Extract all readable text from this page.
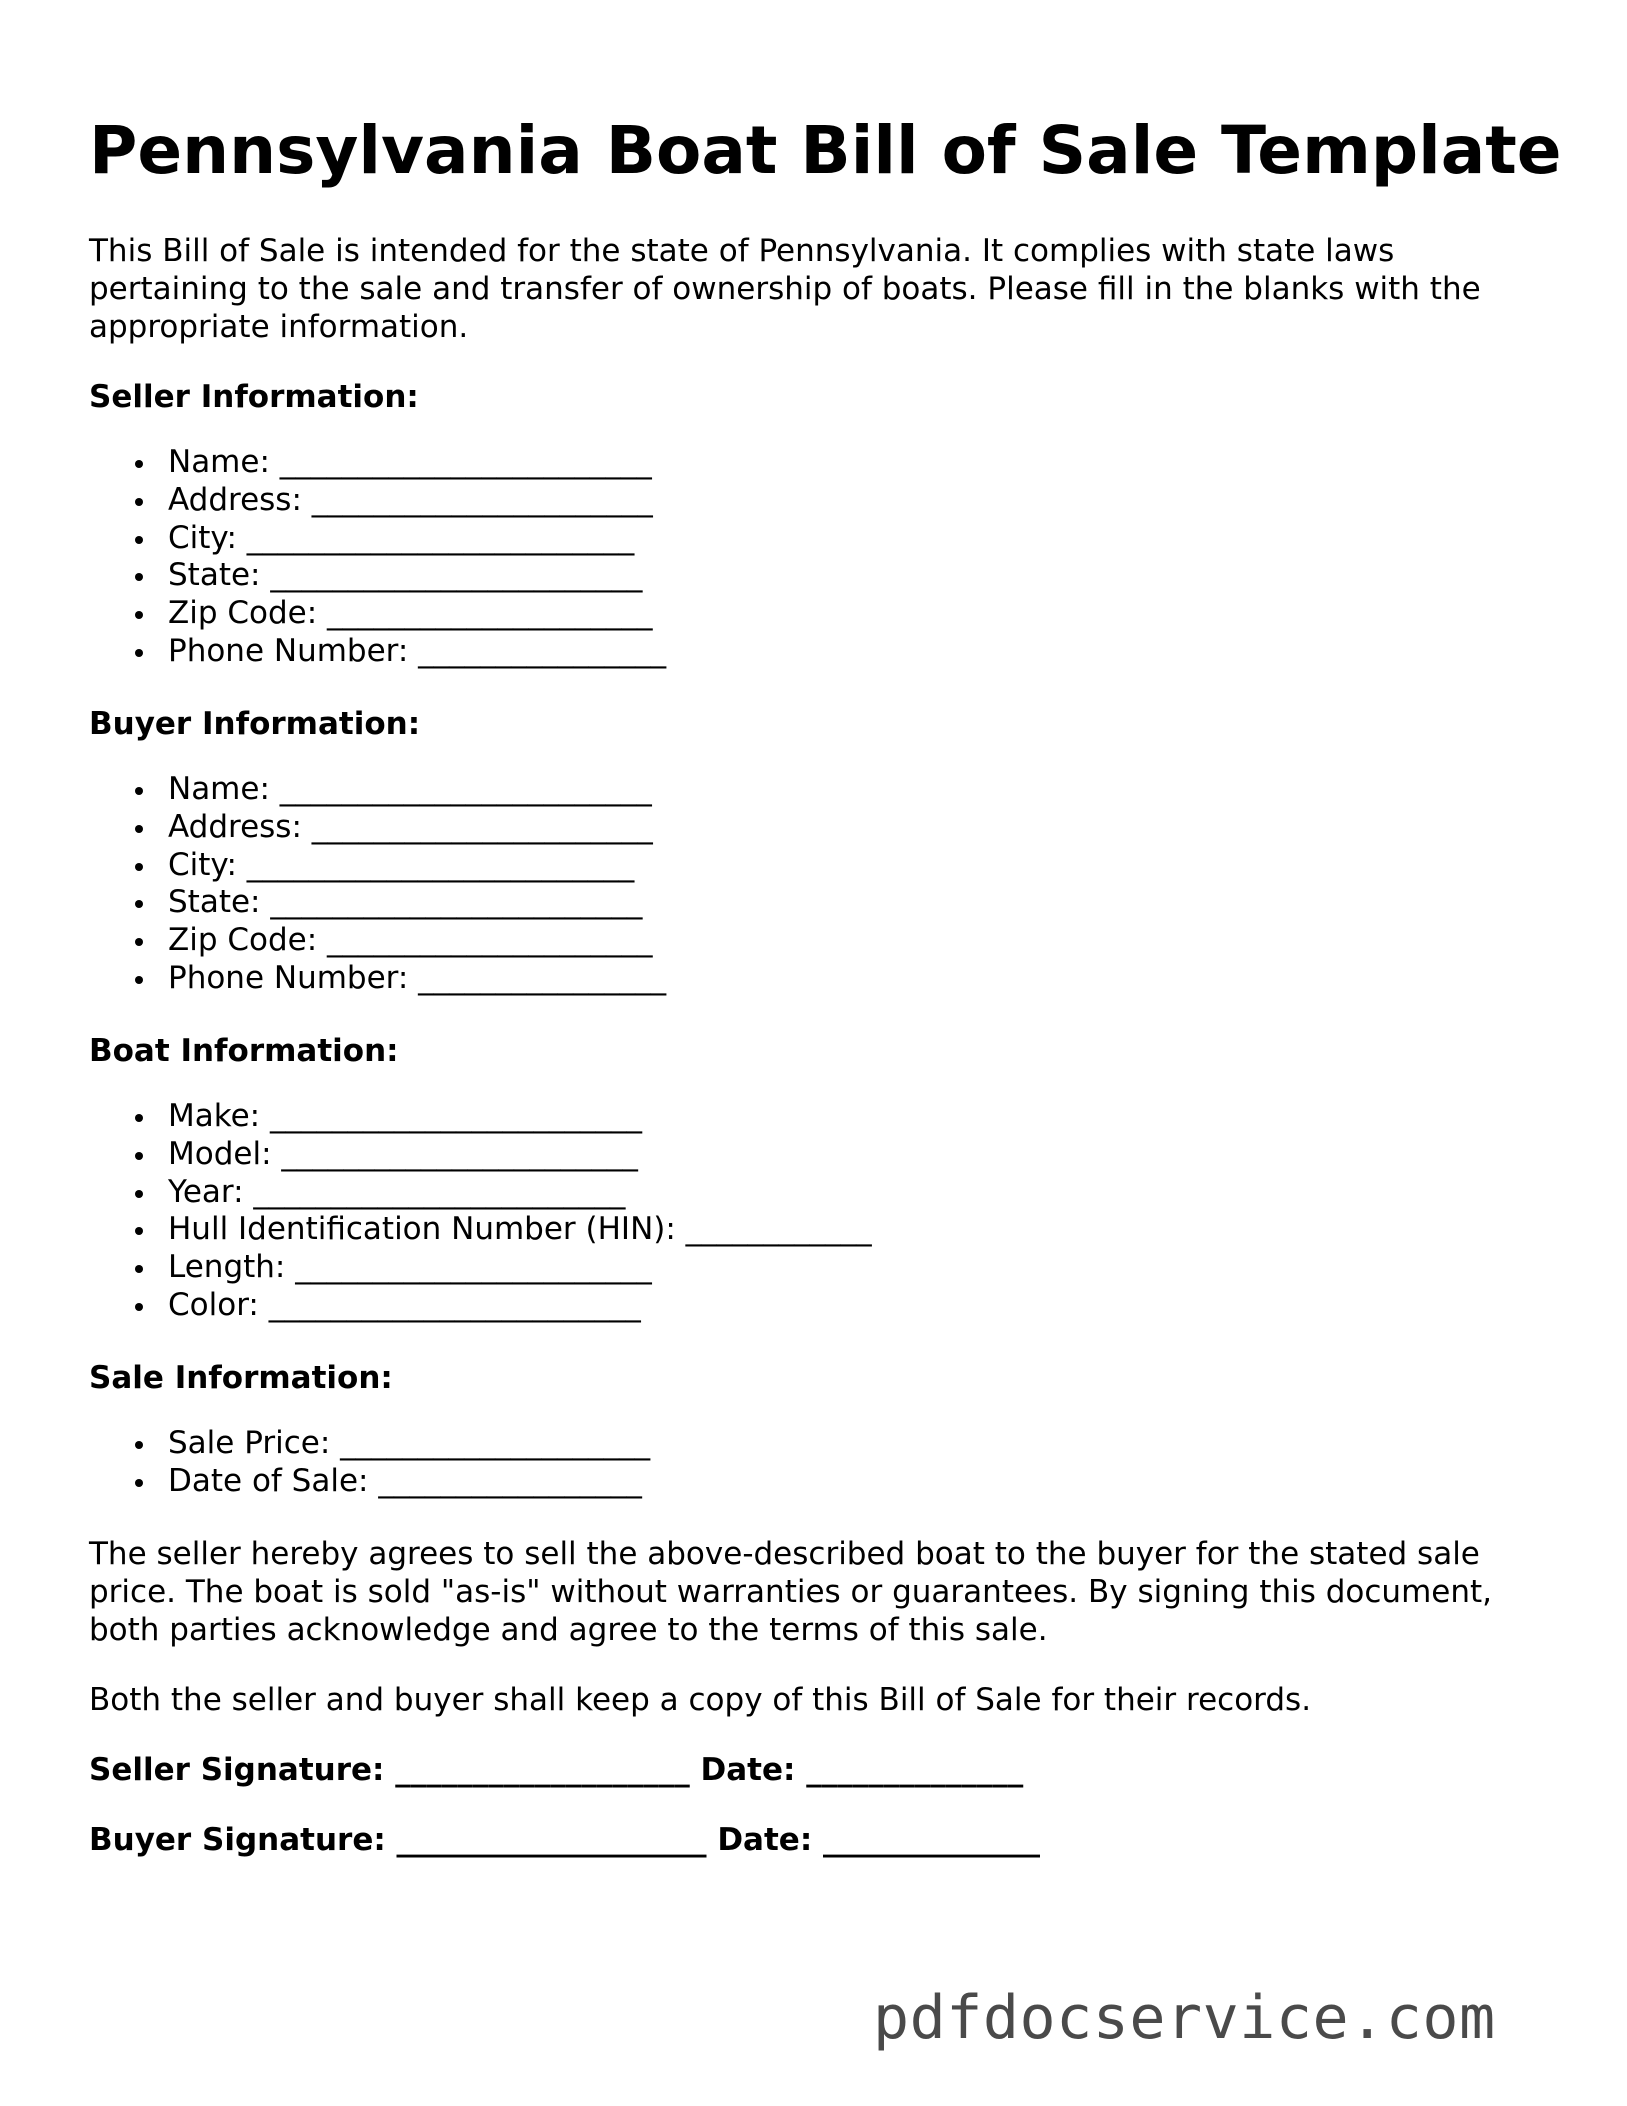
Pennsylvania Boat Bill of Sale Template

This Bill of Sale is intended for the state of Pennsylvania. It complies with state laws pertaining to the sale and transfer of ownership of boats. Please fill in the blanks with the appropriate information.

Seller Information:

Name: ________________________
Address: ______________________
City: _________________________
State: ________________________
Zip Code: _____________________
Phone Number: ________________

Buyer Information:

Name: ________________________
Address: ______________________
City: _________________________
State: ________________________
Zip Code: _____________________
Phone Number: ________________

Boat Information:

Make: ________________________
Model: _______________________
Year: ________________________
Hull Identification Number (HIN): ____________
Length: _______________________
Color: ________________________

Sale Information:

Sale Price: ____________________
Date of Sale: _________________

The seller hereby agrees to sell the above-described boat to the buyer for the stated sale price. The boat is sold "as-is" without warranties or guarantees. By signing this document, both parties acknowledge and agree to the terms of this sale.

Both the seller and buyer shall keep a copy of this Bill of Sale for their records.

Seller Signature: ___________________ Date: ______________

Buyer Signature: ____________________ Date: ______________

pdfdocservice.com
